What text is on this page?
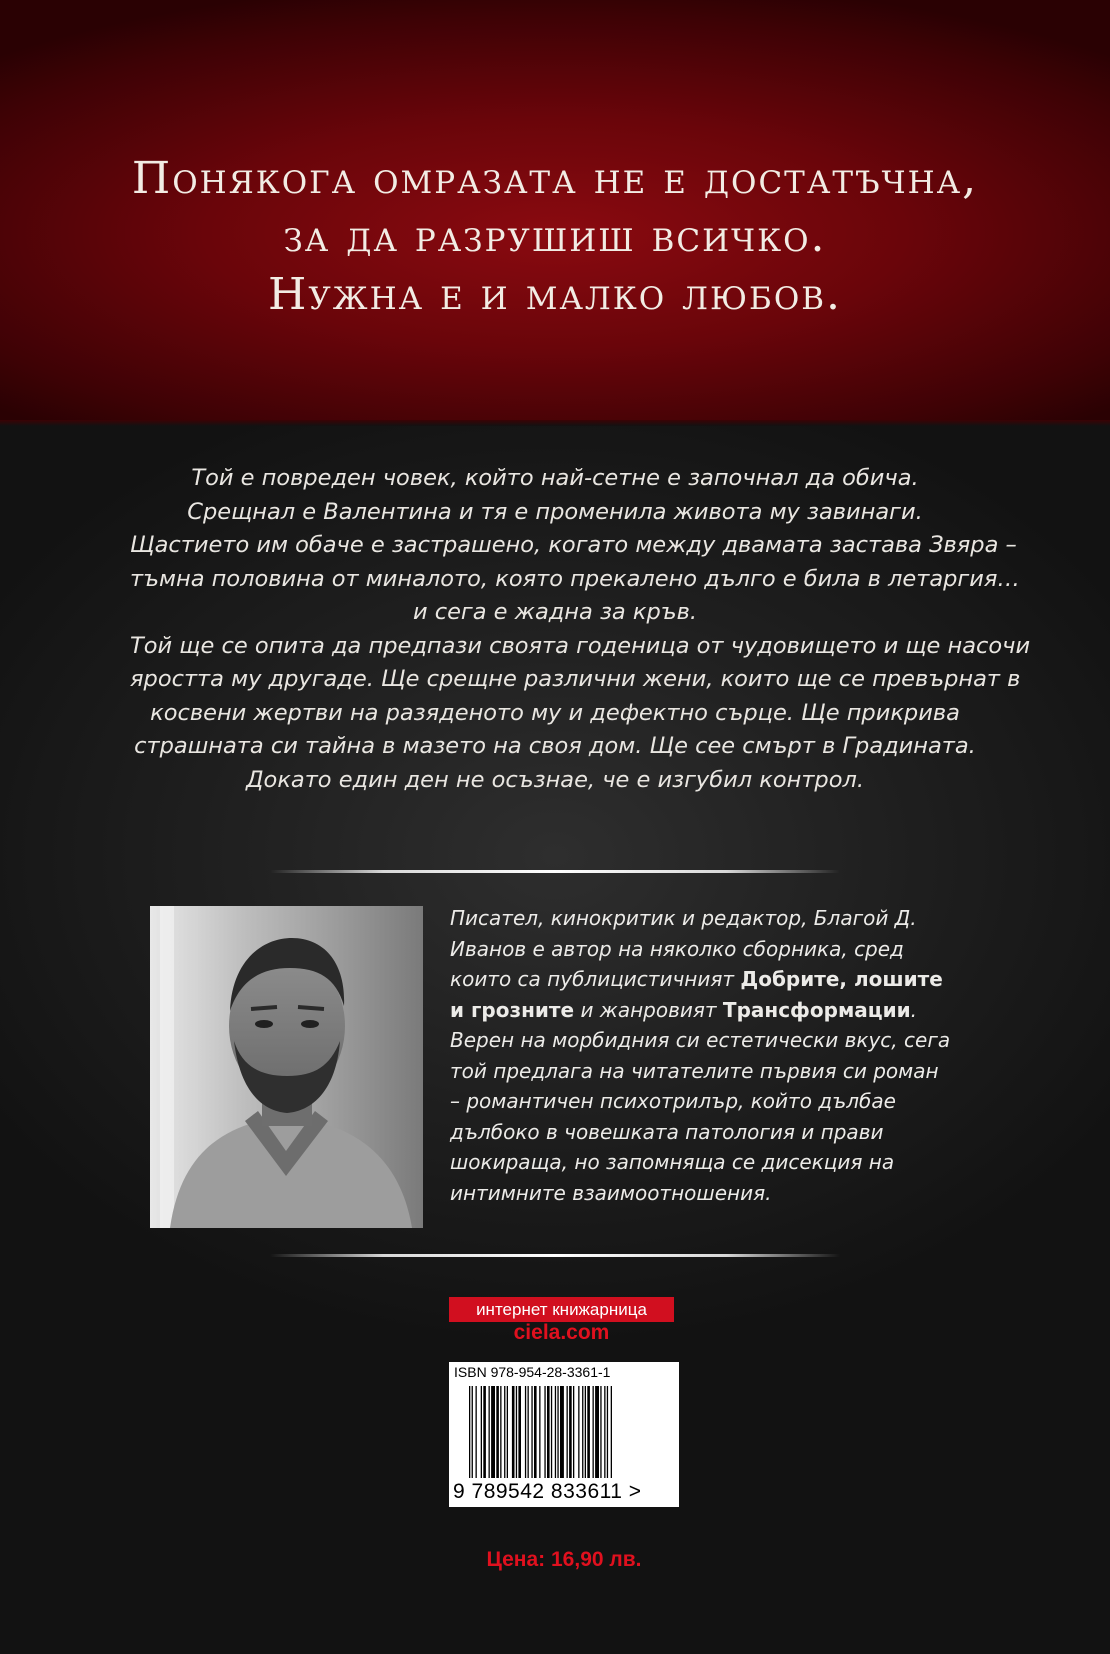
Понякога омразата не е достатъчна,
за да разрушиш всичко.
Нужна е и малко любов.
Той е повреден човек, който най-сетне е започнал да обича.
Срещнал е Валентина и тя е променила живота му завинаги.
Щастието им обаче е застрашено, когато между двамата застава Звяра –
тъмна половина от миналото, която прекалено дълго е била в летаргия…
и сега е жадна за кръв.
Той ще се опита да предпази своята годеница от чудовището и ще насочи
яростта му другаде. Ще срещне различни жени, които ще се превърнат в
косвени жертви на разяденото му и дефектно сърце. Ще прикрива
страшната си тайна в мазето на своя дом. Ще сее смърт в Градината.
Докато един ден не осъзнае, че е изгубил контрол.
Писател, кинокритик и редактор, Благой Д.
Иванов е автор на няколко сборника, сред
които са публицистичният Добрите, лошите
и грозните и жанровият Трансформации.
Верен на морбидния си естетически вкус, сега
той предлага на читателите първия си роман
– романтичен психотрилър, който дълбае
дълбоко в човешката патология и прави
шокираща, но запомняща се дисекция на
интимните взаимоотношения.
интернет книжарница
ciela.com
ISBN 978-954-28-3361-1
9 789542 833611 >
Цена: 16,90 лв.
